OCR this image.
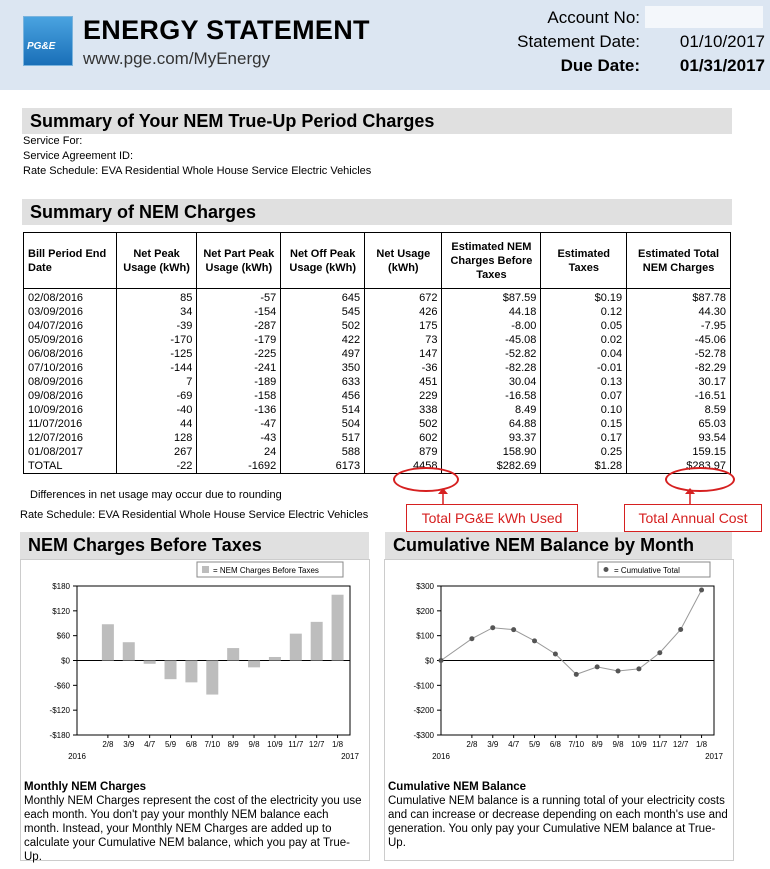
PG&E
ENERGY STATEMENT
www.pge.com/MyEnergy
Account No:
Statement Date:	01/10/2017
Due Date:	01/31/2017
Summary of Your NEM True-Up Period Charges
Service For:
Service Agreement ID:
Rate Schedule: EVA Residential Whole House Service Electric Vehicles
Summary of NEM Charges
Bill Period End Date	Net Peak Usage (kWh)	Net Part Peak Usage (kWh)	Net Off Peak Usage (kWh)	Net Usage (kWh)	Estimated NEM Charges Before Taxes	Estimated Taxes	Estimated Total NEM Charges
02/08/2016	85	-57	645	672	$87.59	$0.19	$87.78
03/09/2016	34	-154	545	426	44.18	0.12	44.30
04/07/2016	-39	-287	502	175	-8.00	0.05	-7.95
05/09/2016	-170	-179	422	73	-45.08	0.02	-45.06
06/08/2016	-125	-225	497	147	-52.82	0.04	-52.78
07/10/2016	-144	-241	350	-36	-82.28	-0.01	-82.29
08/09/2016	7	-189	633	451	30.04	0.13	30.17
09/08/2016	-69	-158	456	229	-16.58	0.07	-16.51
10/09/2016	-40	-136	514	338	8.49	0.10	8.59
11/07/2016	44	-47	504	502	64.88	0.15	65.03
12/07/2016	128	-43	517	602	93.37	0.17	93.54
01/08/2017	267	24	588	879	158.90	0.25	159.15
TOTAL	-22	-1692	6173	4458	$282.69	$1.28	$283.97
Differences in net usage may occur due to rounding
Rate Schedule: EVA Residential Whole House Service Electric Vehicles	Total PG&E kWh Used	Total Annual Cost
NEM Charges Before Taxes	Cumulative NEM Balance by Month
$180
$120
$60
$0
-$60
-$120
-$180
2/8 3/9 4/7 5/9 6/8 7/10 8/9 9/8 10/9 11/7 12/7 1/8
2016	2017
= NEM Charges Before Taxes
$300
$200
$100
$0
-$100
-$200
-$300
2/8 3/9 4/7 5/9 6/8 7/10 8/9 9/8 10/9 11/7 12/7 1/8
2016	2017
= Cumulative Total
Monthly NEM Charges
Monthly NEM Charges represent the cost of the electricity you use each month. You don't pay your monthly NEM balance each month. Instead, your Monthly NEM Charges are added up to calculate your Cumulative NEM balance, which you pay at True-Up.
Cumulative NEM Balance
Cumulative NEM balance is a running total of your electricity costs and can increase or decrease depending on each month's use and generation. You only pay your Cumulative NEM balance at True-Up.
